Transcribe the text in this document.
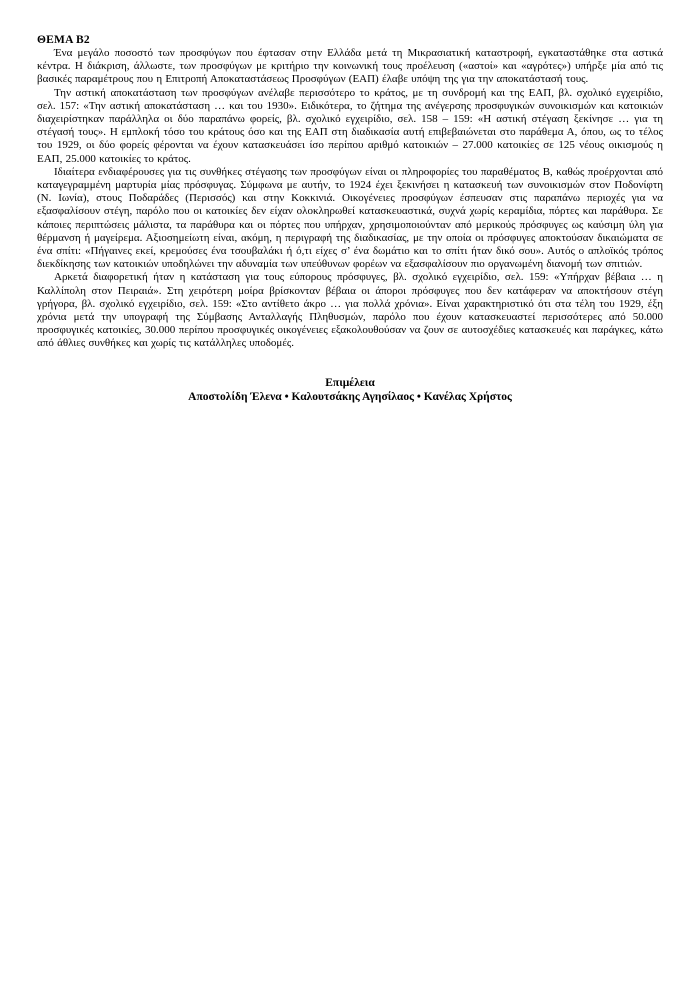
ΘΕΜΑ Β2

Ένα μεγάλο ποσοστό των προσφύγων που έφτασαν στην Ελλάδα μετά τη Μικρασιατική καταστροφή, εγκαταστάθηκε στα αστικά κέντρα. Η διάκριση, άλλωστε, των προσφύγων με κριτήριο την κοινωνική τους προέλευση («αστοί» και «αγρότες») υπήρξε μία από τις βασικές παραμέτρους που η Επιτροπή Αποκαταστάσεως Προσφύγων (ΕΑΠ) έλαβε υπόψη της για την αποκατάστασή τους.

Την αστική αποκατάσταση των προσφύγων ανέλαβε περισσότερο το κράτος, με τη συνδρομή και της ΕΑΠ, βλ. σχολικό εγχειρίδιο, σελ. 157: «Την αστική αποκατάσταση … και του 1930». Ειδικότερα, το ζήτημα της ανέγερσης προσφυγικών συνοικισμών και κατοικιών διαχειρίστηκαν παράλληλα οι δύο παραπάνω φορείς, βλ. σχολικό εγχειρίδιο, σελ. 158 – 159: «Η αστική στέγαση ξεκίνησε … για τη στέγασή τους». Η εμπλοκή τόσο του κράτους όσο και της ΕΑΠ στη διαδικασία αυτή επιβεβαιώνεται στο παράθεμα Α, όπου, ως το τέλος του 1929, οι δύο φορείς φέρονται να έχουν κατασκευάσει ίσο περίπου αριθμό κατοικιών – 27.000 κατοικίες σε 125 νέους οικισμούς η ΕΑΠ, 25.000 κατοικίες το κράτος.

Ιδιαίτερα ενδιαφέρουσες για τις συνθήκες στέγασης των προσφύγων είναι οι πληροφορίες του παραθέματος Β, καθώς προέρχονται από καταγεγραμμένη μαρτυρία μίας πρόσφυγας. Σύμφωνα με αυτήν, το 1924 έχει ξεκινήσει η κατασκευή των συνοικισμών στον Ποδονίφτη (Ν. Ιωνία), στους Ποδαράδες (Περισσός) και στην Κοκκινιά. Οικογένειες προσφύγων έσπευσαν στις παραπάνω περιοχές για να εξασφαλίσουν στέγη, παρόλο που οι κατοικίες δεν είχαν ολοκληρωθεί κατασκευαστικά, συχνά χωρίς κεραμίδια, πόρτες και παράθυρα. Σε κάποιες περιπτώσεις μάλιστα, τα παράθυρα και οι πόρτες που υπήρχαν, χρησιμοποιούνταν από μερικούς πρόσφυγες ως καύσιμη ύλη για θέρμανση ή μαγείρεμα. Αξιοσημείωτη είναι, ακόμη, η περιγραφή της διαδικασίας, με την οποία οι πρόσφυγες αποκτούσαν δικαιώματα σε ένα σπίτι: «Πήγαινες εκεί, κρεμούσες ένα τσουβαλάκι ή ό,τι είχες σ’ ένα δωμάτιο και το σπίτι ήταν δικό σου». Αυτός ο απλοϊκός τρόπος διεκδίκησης των κατοικιών υποδηλώνει την αδυναμία των υπεύθυνων φορέων να εξασφαλίσουν πιο οργανωμένη διανομή των σπιτιών.

Αρκετά διαφορετική ήταν η κατάσταση για τους εύπορους πρόσφυγες, βλ. σχολικό εγχειρίδιο, σελ. 159: «Υπήρχαν βέβαια … η Καλλίπολη στον Πειραιά». Στη χειρότερη μοίρα βρίσκονταν βέβαια οι άποροι πρόσφυγες που δεν κατάφεραν να αποκτήσουν στέγη γρήγορα, βλ. σχολικό εγχειρίδιο, σελ. 159: «Στο αντίθετο άκρο … για πολλά χρόνια». Είναι χαρακτηριστικό ότι στα τέλη του 1929, έξη χρόνια μετά την υπογραφή της Σύμβασης Ανταλλαγής Πληθυσμών, παρόλο που έχουν κατασκευαστεί περισσότερες από 50.000 προσφυγικές κατοικίες, 30.000 περίπου προσφυγικές οικογένειες εξακολουθούσαν να ζουν σε αυτοσχέδιες κατασκευές και παράγκες, κάτω από άθλιες συνθήκες και χωρίς τις κατάλληλες υποδομές.

Επιμέλεια
Αποστολίδη Έλενα • Καλουτσάκης Αγησίλαος • Κανέλας Χρήστος
